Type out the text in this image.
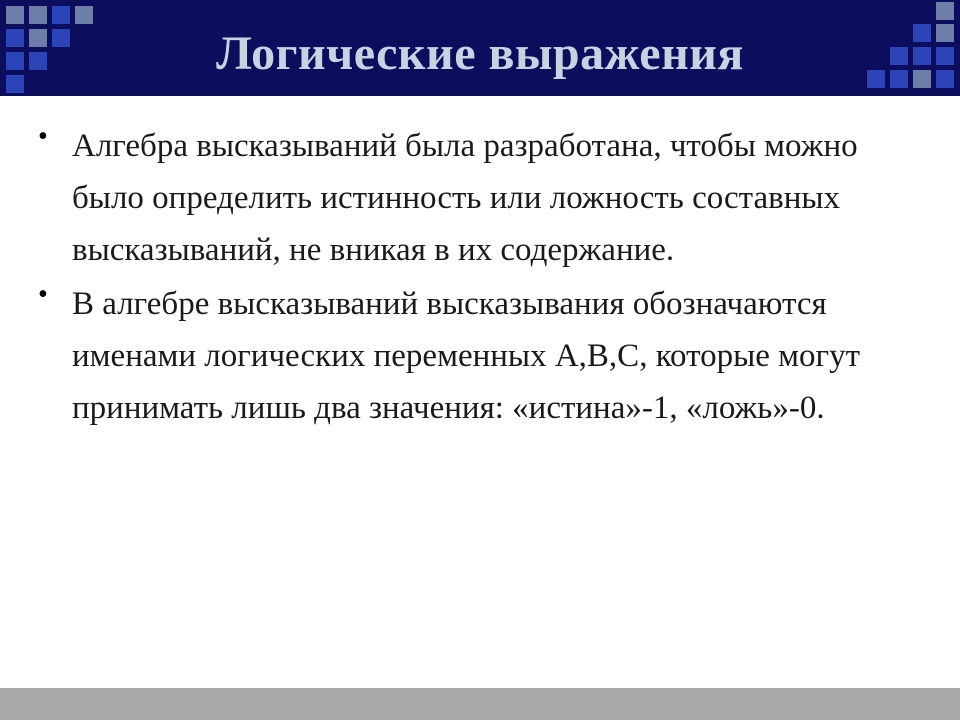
Логические выражения
• Алгебра высказываний была разработана, чтобы можно было определить истинность или ложность составных высказываний, не вникая в их содержание.
• В алгебре высказываний высказывания обозначаются именами логических переменных А,В,С, которые могут принимать лишь два значения: «истина»-1, «ложь»-0.
